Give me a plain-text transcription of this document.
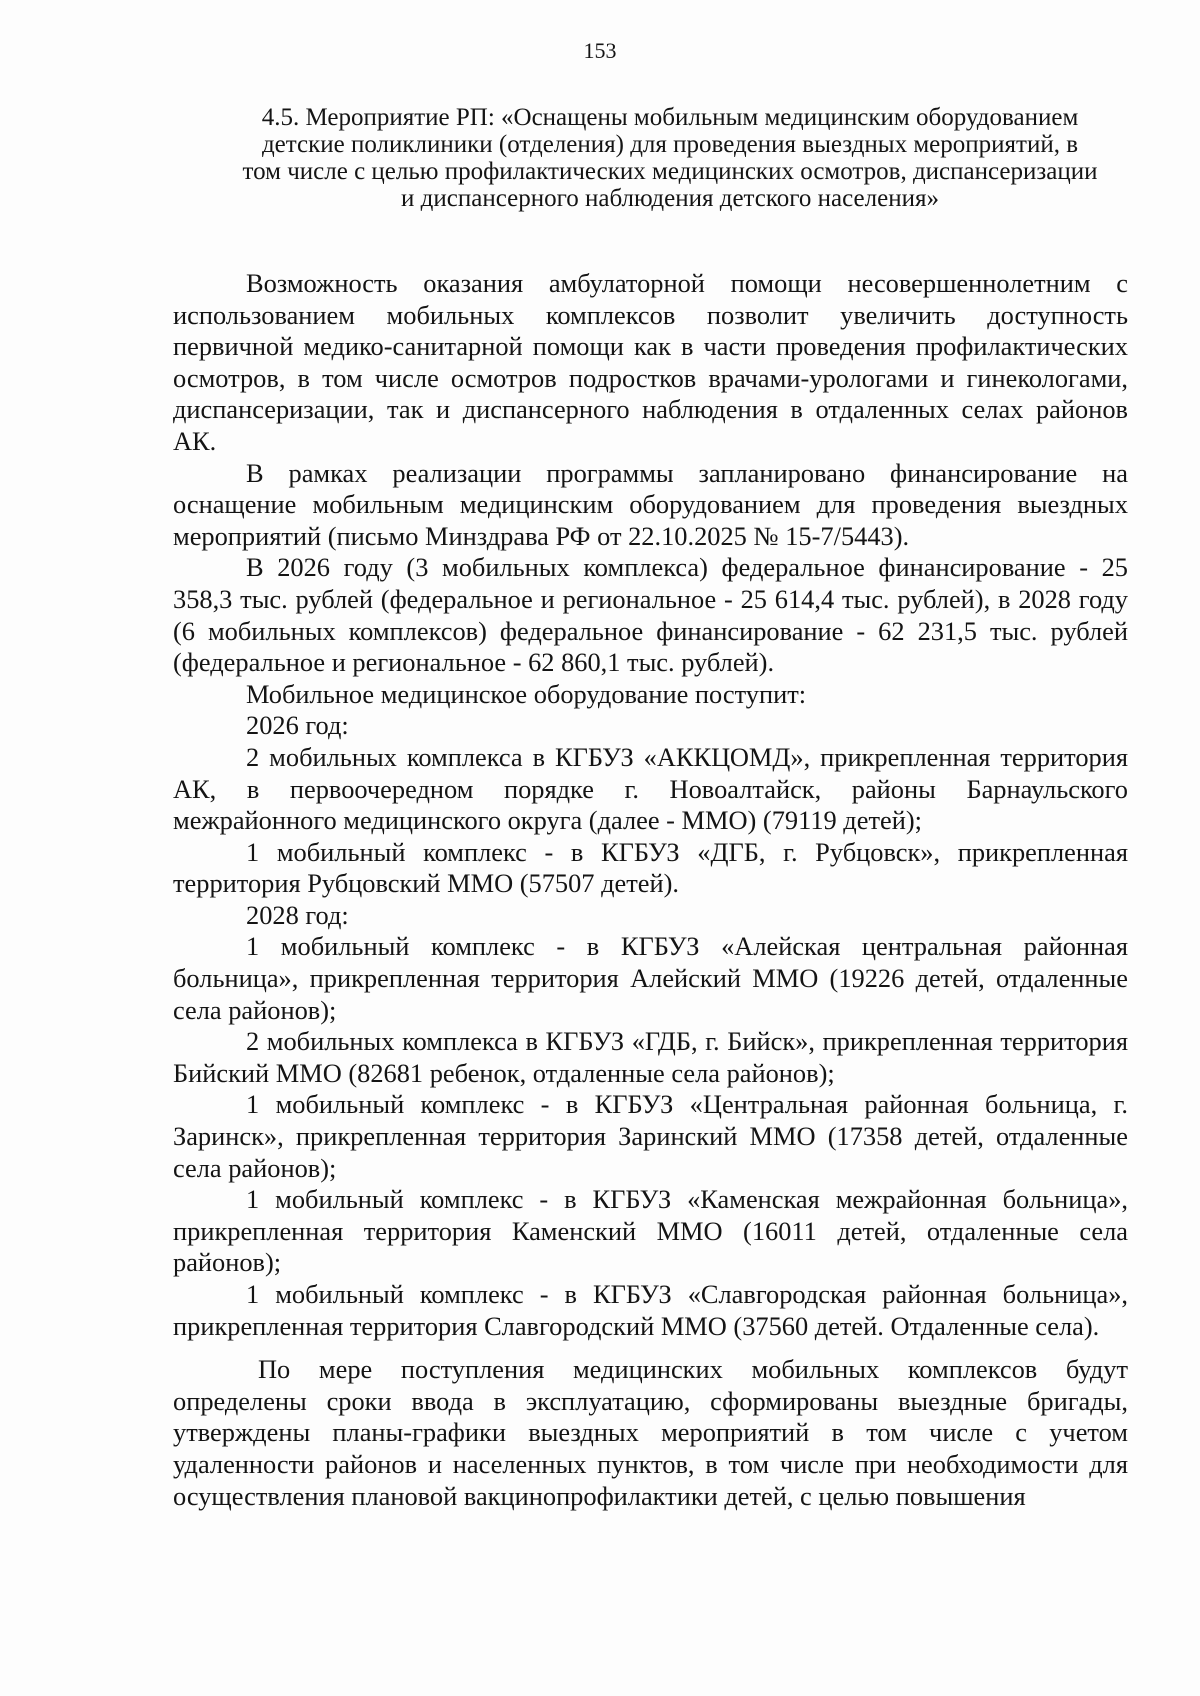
153
4.5. Мероприятие РП: «Оснащены мобильным медицинским оборудованием детские поликлиники (отделения) для проведения выездных мероприятий, в том числе с целью профилактических медицинских осмотров, диспансеризации и диспансерного наблюдения детского населения»

Возможность оказания амбулаторной помощи несовершеннолетним с использованием мобильных комплексов позволит увеличить доступность первичной медико-санитарной помощи как в части проведения профилактических осмотров, в том числе осмотров подростков врачами-урологами и гинекологами, диспансеризации, так и диспансерного наблюдения в отдаленных селах районов АК.

В рамках реализации программы запланировано финансирование на оснащение мобильным медицинским оборудованием для проведения выездных мероприятий (письмо Минздрава РФ от 22.10.2025 № 15-7/5443).

В 2026 году (3 мобильных комплекса) федеральное финансирование - 25 358,3 тыс. рублей (федеральное и региональное - 25 614,4 тыс. рублей), в 2028 году (6 мобильных комплексов) федеральное финансирование - 62 231,5 тыс. рублей (федеральное и региональное - 62 860,1 тыс. рублей).

Мобильное медицинское оборудование поступит:

2026 год:

2 мобильных комплекса в КГБУЗ «АККЦОМД», прикрепленная территория АК, в первоочередном порядке г. Новоалтайск, районы Барнаульского межрайонного медицинского округа (далее - ММО) (79119 детей);

1 мобильный комплекс - в КГБУЗ «ДГБ, г. Рубцовск», прикрепленная территория Рубцовский ММО (57507 детей).

2028 год:

1 мобильный комплекс - в КГБУЗ «Алейская центральная районная больница», прикрепленная территория Алейский ММО (19226 детей, отдаленные села районов);

2 мобильных комплекса в КГБУЗ «ГДБ, г. Бийск», прикрепленная территория Бийский ММО (82681 ребенок, отдаленные села районов);

1 мобильный комплекс - в КГБУЗ «Центральная районная больница, г. Заринск», прикрепленная территория Заринский ММО (17358 детей, отдаленные села районов);

1 мобильный комплекс - в КГБУЗ «Каменская межрайонная больница», прикрепленная территория Каменский ММО (16011 детей, отдаленные села районов);

1 мобильный комплекс - в КГБУЗ «Славгородская районная больница», прикрепленная территория Славгородский ММО (37560 детей. Отдаленные села).

По мере поступления медицинских мобильных комплексов будут определены сроки ввода в эксплуатацию, сформированы выездные бригады, утверждены планы-графики выездных мероприятий в том числе с учетом удаленности районов и населенных пунктов, в том числе при необходимости для осуществления плановой вакцинопрофилактики детей, с целью повышения
